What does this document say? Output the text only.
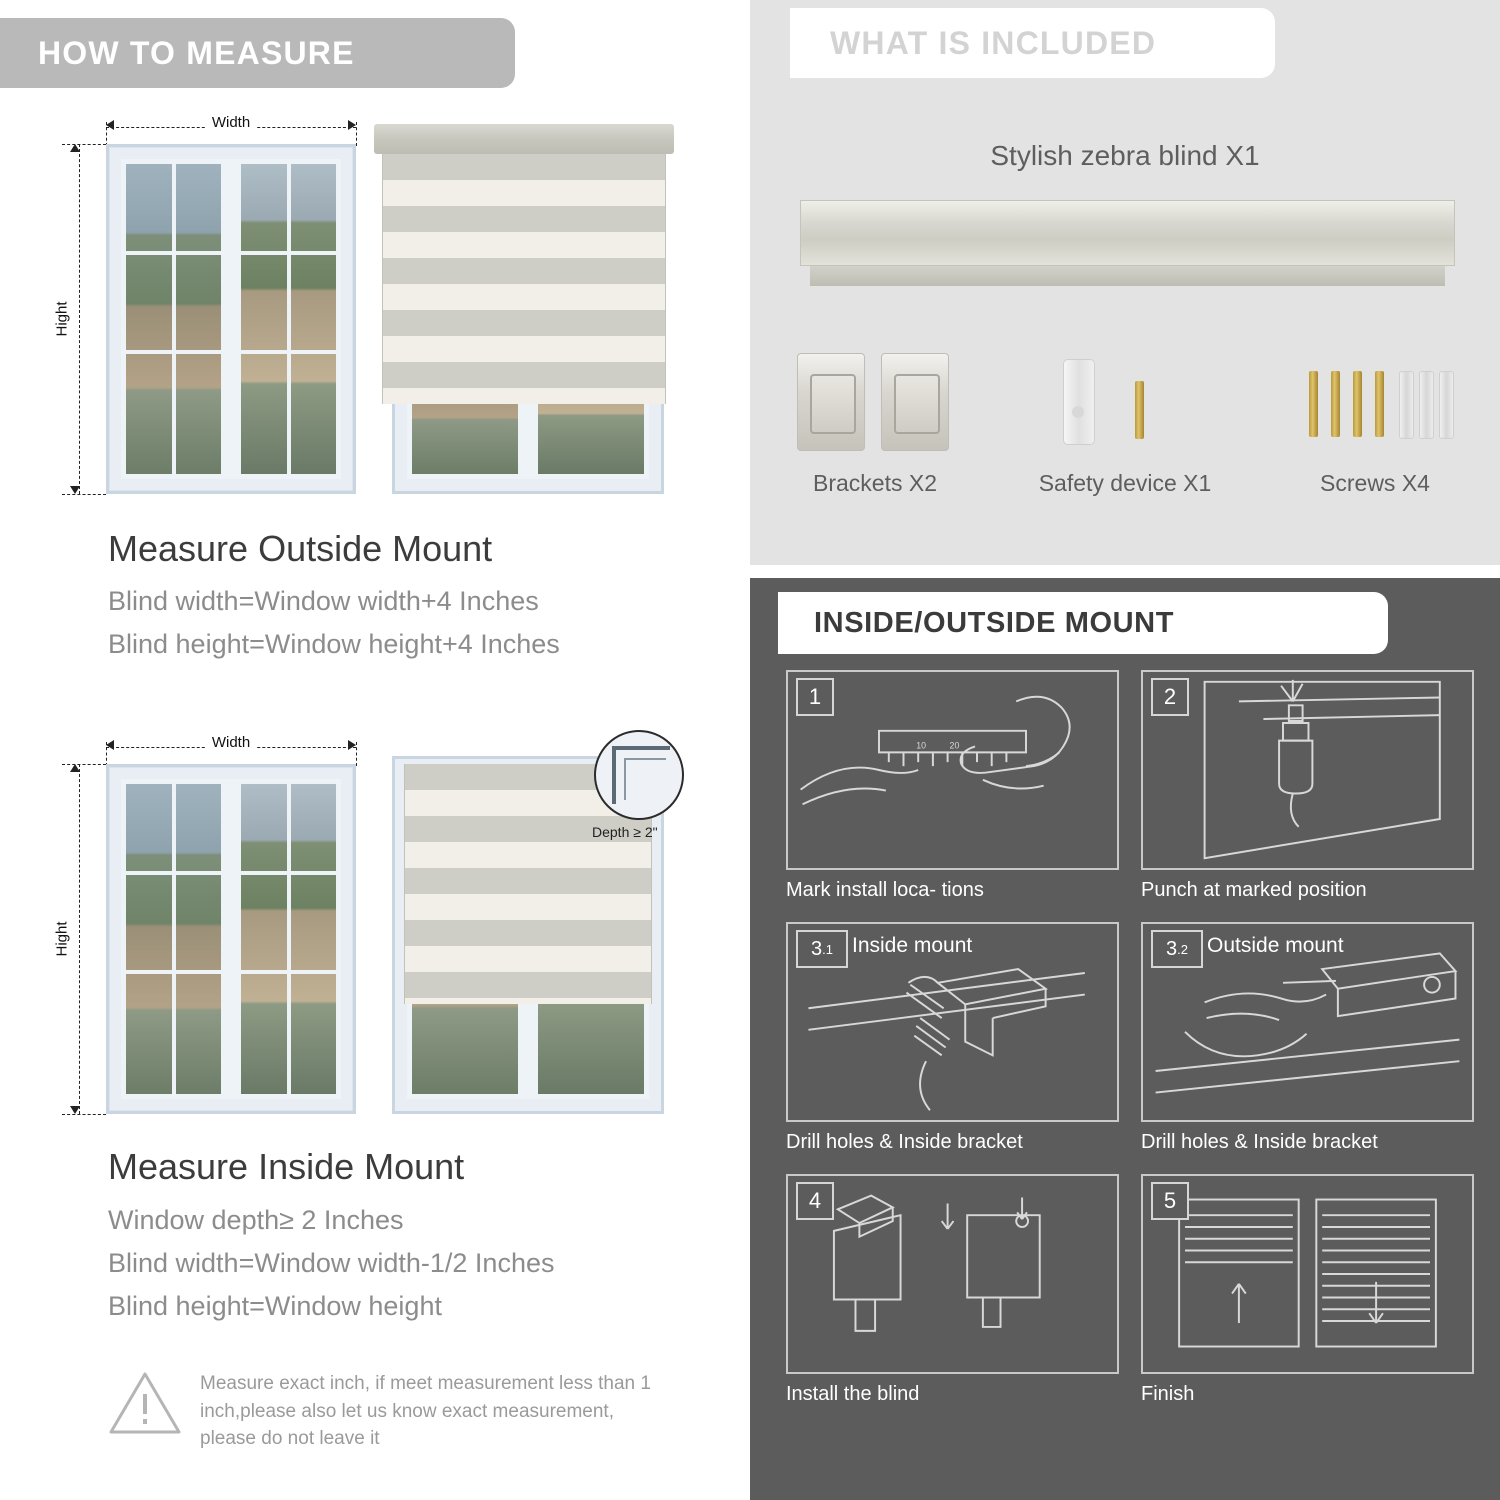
HOW TO MEASURE
Width
Hight
Measure Outside Mount
Blind width=Window width+4 Inches
Blind height=Window height+4 Inches
Width
Hight
Depth ≥ 2"
Measure Inside Mount
Window depth≥ 2 Inches
Blind width=Window width-1/2 Inches
Blind height=Window height
Measure exact inch, if meet measurement less than 1 inch,please also let us know exact measurement, please do not leave it
WHAT IS INCLUDED
Stylish zebra blind X1
Brackets X2	Safety device X1	Screws X4
INSIDE/OUTSIDE MOUNT
1
10	20
Mark install loca- tions
2
Punch at marked position
3 .1 Inside mount
Drill holes & Inside bracket
3 .2 Outside mount
Drill holes & Inside bracket
4
Install the blind
5
Finish
